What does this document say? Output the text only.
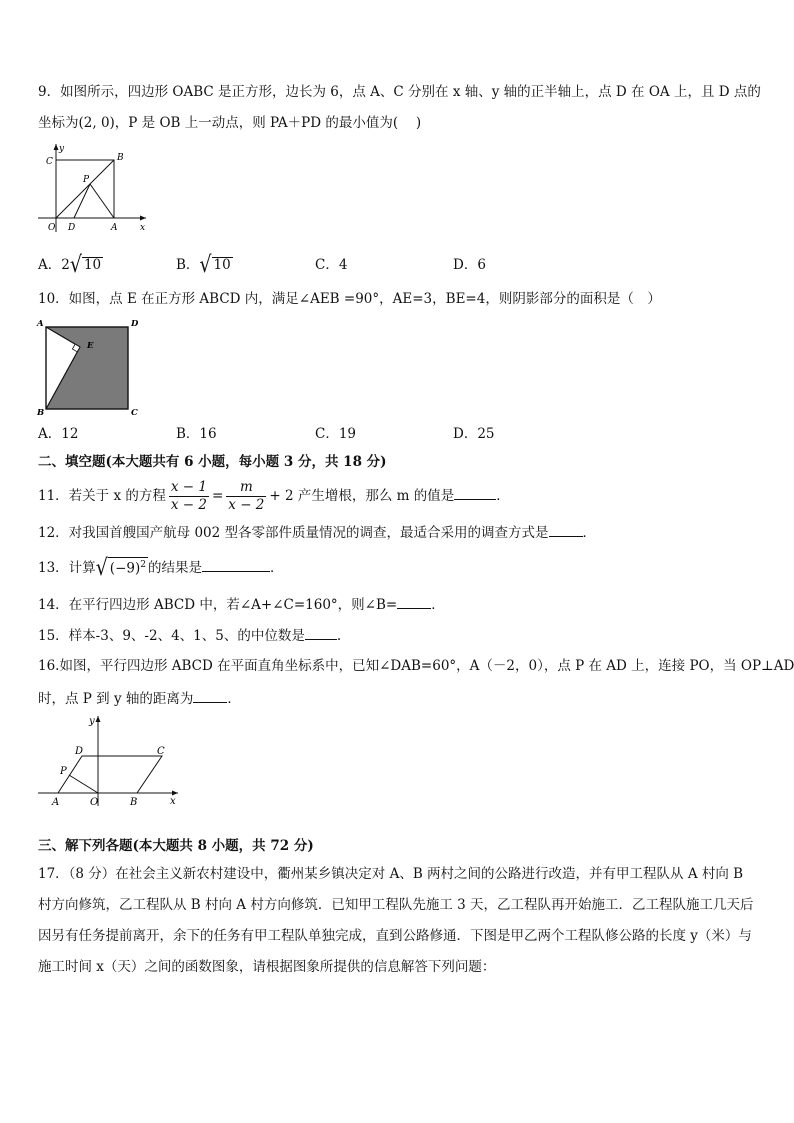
9．如图所示，四边形 OABC 是正方形，边长为 6，点 A、C 分别在 x 轴、y 轴的正半轴上，点 D 在 OA 上，且 D 点的
坐标为(2, 0)，P 是 OB 上一动点，则 PA＋PD 的最小值为(　 )
y
C	B
P
O D	A	x
A．2√ 10	B．√ 10	C．4	D．6
10．如图，点 E 在正方形 ABCD 内，满足∠AEB =90°，AE=3，BE=4，则阴影部分的面积是（　）
A	D
E
B	C
A．12	B．16	C．19	D．25
二、填空题(本大题共有 6 小题，每小题 3 分，共 18 分)
11．若关于 x 的方程 $\frac{x - 1}{x - 2} = \frac{m}{x - 2} + 2$ 产生增根，那么 m 的值是	．
12．对我国首艘国产航母 002 型各零部件质量情况的调查，最适合采用的调查方式是	．
13．计算√ $(-9)^2$ 的结果是	．
14．在平行四边形 ABCD 中，若∠A+∠C=160°，则∠B=	．
15．样本-3、9、-2、4、1、5、的中位数是 .
16.如图，平行四边形 ABCD 在平面直角坐标系中，已知∠DAB=60°，A（－2，0），点 P 在 AD 上，连接 PO，当 OP⊥AD
时，点 P 到 y 轴的距离为	．
y
D	C
P
A	O	B	x
三、解下列各题(本大题共 8 小题，共 72 分)
17．（8 分）在社会主义新农村建设中，衢州某乡镇决定对 A、B 两村之间的公路进行改造，并有甲工程队从 A 村向 B 村方向修筑，乙工程队从 B 村向 A 村方向修筑．已知甲工程队先施工 3 天，乙工程队再开始施工．乙工程队施工几天后因另有任务提前离开，余下的任务有甲工程队单独完成，直到公路修通．下图是甲乙两个工程队修公路的长度 y（米）与施工时间 x（天）之间的函数图象，请根据图象所提供的信息解答下列问题：
